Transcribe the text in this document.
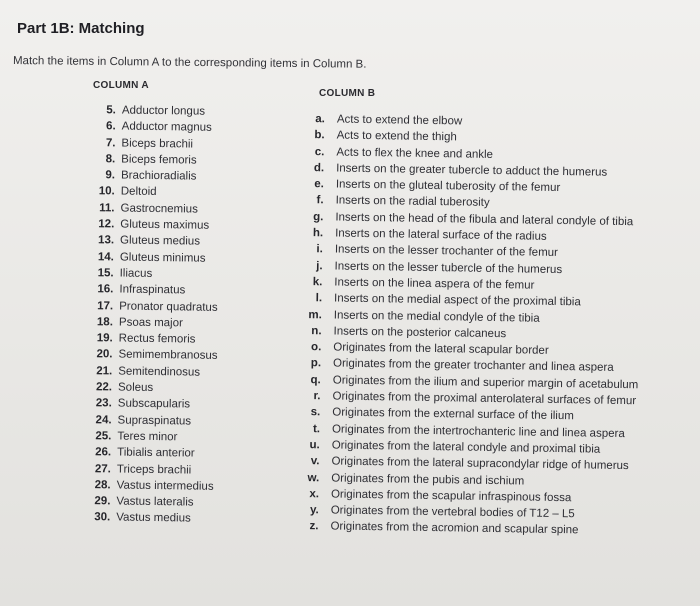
Part 1B: Matching
Match the items in Column A to the corresponding items in Column B.
COLUMN A
COLUMN B
5. Adductor longus
6. Adductor magnus
7. Biceps brachii
8. Biceps femoris
9. Brachioradialis
10. Deltoid
11. Gastrocnemius
12. Gluteus maximus
13. Gluteus medius
14. Gluteus minimus
15. Iliacus
16. Infraspinatus
17. Pronator quadratus
18. Psoas major
19. Rectus femoris
20. Semimembranosus
21. Semitendinosus
22. Soleus
23. Subscapularis
24. Supraspinatus
25. Teres minor
26. Tibialis anterior
27. Triceps brachii
28. Vastus intermedius
29. Vastus lateralis
30. Vastus medius
a.	Acts to extend the elbow
b.	Acts to extend the thigh
c.	Acts to flex the knee and ankle
d.	Inserts on the greater tubercle to adduct the humerus
e.	Inserts on the gluteal tuberosity of the femur
f.	Inserts on the radial tuberosity
g.	Inserts on the head of the fibula and lateral condyle of tibia
h.	Inserts on the lateral surface of the radius
i.	Inserts on the lesser trochanter of the femur
j.	Inserts on the lesser tubercle of the humerus
k.	Inserts on the linea aspera of the femur
l.	Inserts on the medial aspect of the proximal tibia
m.	Inserts on the medial condyle of the tibia
n.	Inserts on the posterior calcaneus
o.	Originates from the lateral scapular border
p.	Originates from the greater trochanter and linea aspera
q.	Originates from the ilium and superior margin of acetabulum
r.	Originates from the proximal anterolateral surfaces of femur
s.	Originates from the external surface of the ilium
t.	Originates from the intertrochanteric line and linea aspera
u.	Originates from the lateral condyle and proximal tibia
v.	Originates from the lateral supracondylar ridge of humerus
w.	Originates from the pubis and ischium
x.	Originates from the scapular infraspinous fossa
y.	Originates from the vertebral bodies of T12 – L5
z.	Originates from the acromion and scapular spine
